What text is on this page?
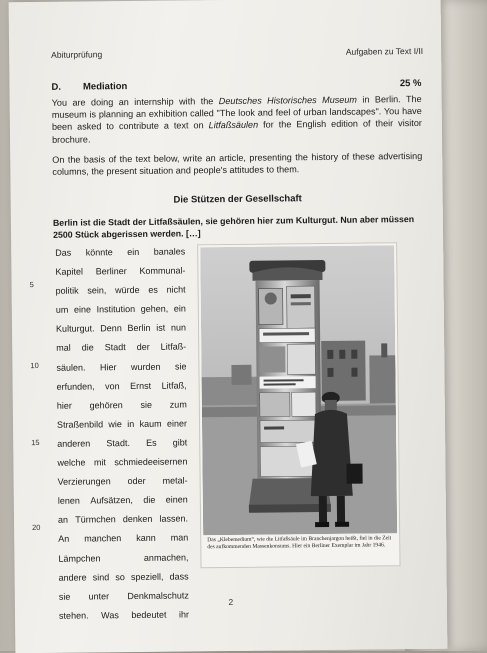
Abiturprüfung	Aufgaben zu Text I/II
D. Mediation	25 %
You are doing an internship with the Deutsches Historisches Museum in Berlin. The museum is planning an exhibition called "The look and feel of urban landscapes". You have been asked to contribute a text on Litfaßsäulen for the English edition of their visitor brochure.
On the basis of the text below, write an article, presenting the history of these advertising columns, the present situation and people's attitudes to them.
Die Stützen der Gesellschaft
Berlin ist die Stadt der Litfaßsäulen, sie gehören hier zum Kulturgut. Nun aber müssen 2500 Stück abgerissen werden. […]
5
10
15
20
Das könnte ein banales
Kapitel Berliner Kommunal-
politik sein, würde es nicht
um eine Institution gehen, ein
Kulturgut. Denn Berlin ist nun
mal die Stadt der Litfaß-
säulen. Hier wurden sie
erfunden, von Ernst Litfaß,
hier gehören sie zum
Straßenbild wie in kaum einer
anderen Stadt. Es gibt
welche mit schmiedeeisernen
Verzierungen oder metal-
lenen Aufsätzen, die einen
an Türmchen denken lassen.
An manchen kann man
Lämpchen	anmachen,
andere sind so speziell, dass
sie unter Denkmalschutz
stehen. Was bedeutet ihr
Das „Klebemedium“, wie die Litfaßsäule im Branchenjargon heißt, fiel in die Zeit des aufkommenden Massenkonsums. Hier ein Berliner Exemplar im Jahr 1946.
2
